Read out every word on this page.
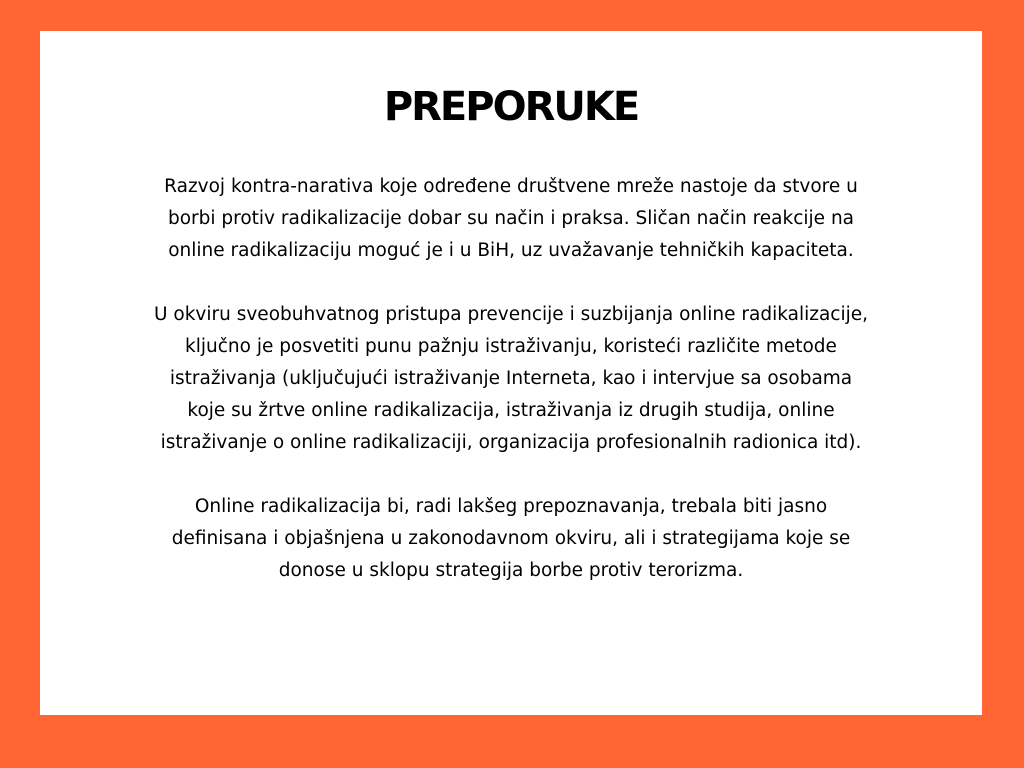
PREPORUKE

Razvoj kontra-narativa koje određene društvene mreže nastoje da stvore u
borbi protiv radikalizacije dobar su način i praksa. Sličan način reakcije na
online radikalizaciju moguć je i u BiH, uz uvažavanje tehničkih kapaciteta.

U okviru sveobuhvatnog pristupa prevencije i suzbijanja online radikalizacije,
ključno je posvetiti punu pažnju istraživanju, koristeći različite metode
istraživanja (uključujući istraživanje Interneta, kao i intervjue sa osobama
koje su žrtve online radikalizacija, istraživanja iz drugih studija, online
istraživanje o online radikalizaciji, organizacija profesionalnih radionica itd).

Online radikalizacija bi, radi lakšeg prepoznavanja, trebala biti jasno
definisana i objašnjena u zakonodavnom okviru, ali i strategijama koje se
donose u sklopu strategija borbe protiv terorizma.
